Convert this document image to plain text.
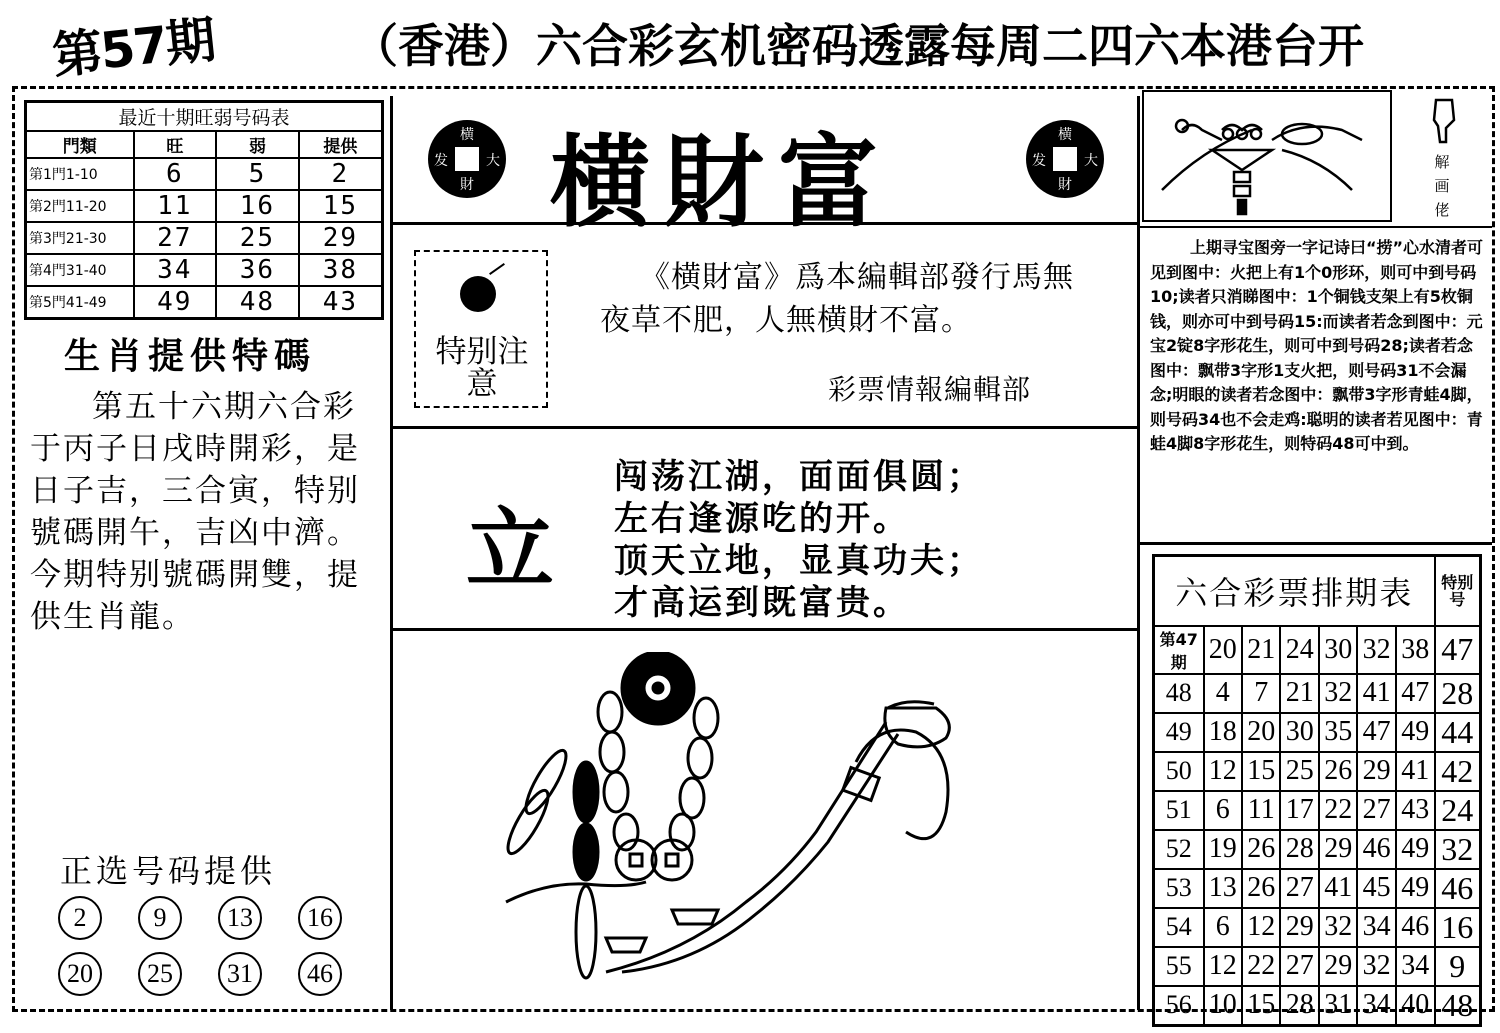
第57期	（香港）六合彩玄机密码透露每周二四六本港台开
最近十期旺弱号码表			
門類	旺	弱	提供
第1門1-10	6	5	2
第2門11-20	11	16	15
第3門21-30	27	25	29
第4門31-40	34	36	38
第5門41-49	49	48	43
生肖提供特碼
第五十六期六合彩于丙子日戌時開彩，是日子吉，三合寅，特别號碼開午，吉凶中濟。今期特别號碼開雙，提供生肖龍。
正选号码提供
2	9	13	16
20	25	31	46
横
財
发	大 横財富	横
財
发	大
特别注意
《横財富》爲本編輯部發行馬無夜草不肥，人無横財不富。
彩票情報編輯部
立
闯荡江湖，面面俱圆；
左右逢源吃的开。
顶天立地，显真功夫；
才高运到既富贵。
解画佬
上期寻宝图旁一字记诗曰“捞”心水清者可见到图中：火把上有1个0形环，则可中到号码10;读者只消睇图中：1个铜钱支架上有5枚铜钱，则亦可中到号码15:而读者若念到图中：元宝2锭8字形花生，则可中到号码28;读者若念图中：飘带3字形1支火把，则号码31不会漏念;明眼的读者若念图中：飘带3字形青蛙4脚，则号码34也不会走鸡:聪明的读者若见图中：青蛙4脚8字形花生，则特码48可中到。
六合彩票排期表							特别号
第47期	20	21	24	30	32	38	47
48	4	7	21	32	41	47	28
49	18	20	30	35	47	49	44
50	12	15	25	26	29	41	42
51	6	11	17	22	27	43	24
52	19	26	28	29	46	49	32
53	13	26	27	41	45	49	46
54	6	12	29	32	34	46	16
55	12	22	27	29	32	34	9
56	10	15	28	31	34	40	48
